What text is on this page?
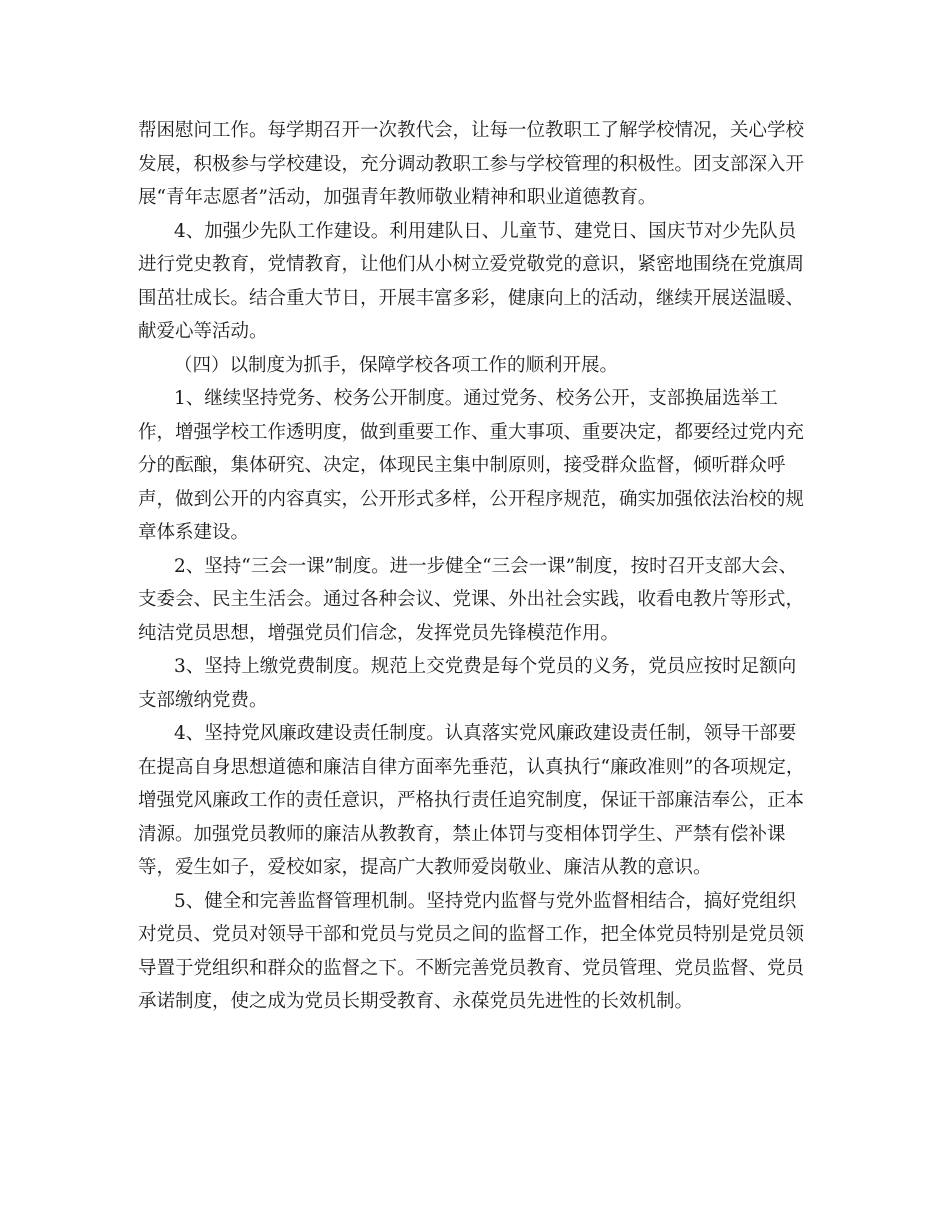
帮困慰问工作。每学期召开一次教代会，让每一位教职工了解学校情况，关心学校
发展，积极参与学校建设，充分调动教职工参与学校管理的积极性。团支部深入开
展“青年志愿者”活动，加强青年教师敬业精神和职业道德教育。
4、加强少先队工作建设。利用建队日、儿童节、建党日、国庆节对少先队员
进行党史教育，党情教育，让他们从小树立爱党敬党的意识，紧密地围绕在党旗周
围茁壮成长。结合重大节日，开展丰富多彩，健康向上的活动，继续开展送温暖、
献爱心等活动。
（四）以制度为抓手，保障学校各项工作的顺利开展。
1、继续坚持党务、校务公开制度。通过党务、校务公开，支部换届选举工
作，增强学校工作透明度，做到重要工作、重大事项、重要决定，都要经过党内充
分的酝酿，集体研究、决定，体现民主集中制原则，接受群众监督，倾听群众呼
声，做到公开的内容真实，公开形式多样，公开程序规范，确实加强依法治校的规
章体系建设。
2、坚持“三会一课”制度。进一步健全“三会一课”制度，按时召开支部大会、
支委会、民主生活会。通过各种会议、党课、外出社会实践，收看电教片等形式，
纯洁党员思想，增强党员们信念，发挥党员先锋模范作用。
3、坚持上缴党费制度。规范上交党费是每个党员的义务，党员应按时足额向
支部缴纳党费。
4、坚持党风廉政建设责任制度。认真落实党风廉政建设责任制，领导干部要
在提高自身思想道德和廉洁自律方面率先垂范，认真执行“廉政准则”的各项规定，
增强党风廉政工作的责任意识，严格执行责任追究制度，保证干部廉洁奉公，正本
清源。加强党员教师的廉洁从教教育，禁止体罚与变相体罚学生、严禁有偿补课
等，爱生如子，爱校如家，提高广大教师爱岗敬业、廉洁从教的意识。
5、健全和完善监督管理机制。坚持党内监督与党外监督相结合，搞好党组织
对党员、党员对领导干部和党员与党员之间的监督工作，把全体党员特别是党员领
导置于党组织和群众的监督之下。不断完善党员教育、党员管理、党员监督、党员
承诺制度，使之成为党员长期受教育、永葆党员先进性的长效机制。
